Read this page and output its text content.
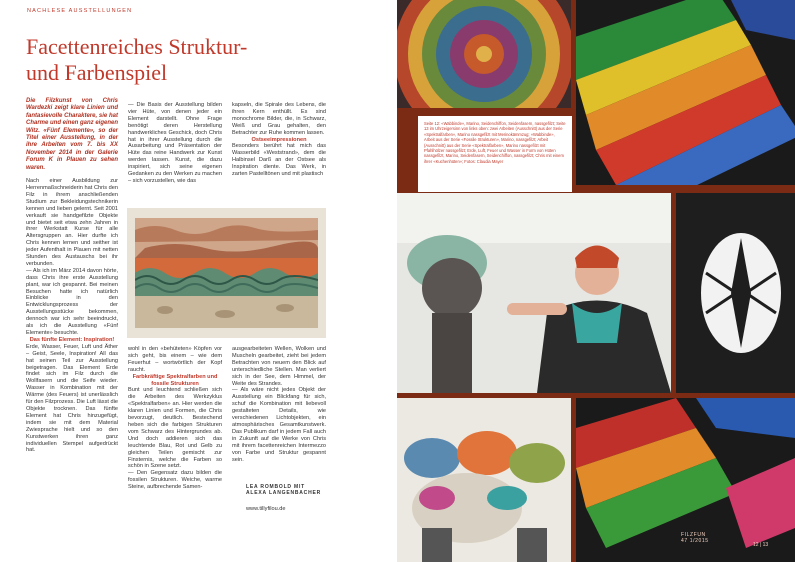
NACHLESE AUSSTELLUNGEN
Facettenreiches Struktur-
und Farbenspiel

Die Filzkunst von Chris Wardezki zeigt klare Linien und fantasievolle Charaktere, sie hat Charme und einen ganz eigenen Witz. «Fünf Elemente», so der Titel einer Ausstellung, in der ihre Arbeiten vom 7. bis XX November 2014 in der Galerie Forum K in Plauen zu sehen waren.

Nach einer Ausbildung zur Herrenmaßschneiderin hat Chris den Filz in ihrem anschließenden Studium zur Bekleidungstechnikerin kennen und lieben gelernt. Seit 2001 verkauft sie handgefilzte Objekte und bietet seit etwa zehn Jahren in ihrer Werkstatt Kurse für alle Altersgruppen an. Hier durfte ich Chris kennen lernen und seither ist jeder Aufenthalt in Plauen mit netten Stunden des Austauschs bei ihr verbunden.

— Als ich im März 2014 davon hörte, dass Chris ihre erste Ausstellung plant, war ich gespannt. Bei meinen Besuchen hatte ich natürlich Einblicke in den Entwicklungsprozess der Ausstellungsstücke bekommen, dennoch war ich sehr beeindruckt, als ich die Ausstellung «Fünf Elemente» besuchte.

Das fünfte Element: Inspiration!

Erde, Wasser, Feuer, Luft und Äther – Geist, Seele, Inspiration! All das hat seinen Teil zur Ausstellung beigetragen. Das Element Erde findet sich im Filz durch die Wollfasern und die Seife wieder. Wasser in Kombination mit der Wärme (des Feuers) ist unerlässlich für den Filzprozess. Die Luft lässt die Objekte trocknen. Das fünfte Element hat Chris hinzugefügt, indem sie mit dem Material Zwiesprache hielt und so den Kunstwerken ihren ganz individuellen Stempel aufgedrückt hat.

— Die Basis der Ausstellung bilden vier Hüte, von denen jeder ein Element darstellt. Ohne Frage benötigt deren Herstellung handwerkliches Geschick, doch Chris hat in ihrer Ausstellung durch die Ausarbeitung und Präsentation der Hüte das reine Handwerk zur Kunst werden lassen. Kunst, die dazu inspiriert, sich seine eigenen Gedanken zu den Werken zu machen – sich vorzustellen, wie das

kapseln, die Spirale des Lebens, die ihren Kern enthüllt. Es sind monochrome Bilder, die, in Schwarz, Weiß und Grau gehalten, den Betrachter zur Ruhe kommen lassen.

Ostseeimpressionen

Besonders berührt hat mich das Wasserbild «Weststrand», dem die Halbinsel Darß an der Ostsee als Inspiration diente. Das Werk, in zarten Pastelltönen und mit plastisch

wohl in den «behüteten» Köpfen vor sich geht, bis einem – wie dem Feuerhut – wortwörtlich der Kopf raucht.

Farbkräftige Spektralfarben und fossile Strukturen

Bunt und leuchtend schließen sich die Arbeiten des Werkzyklus «Spektralfarben» an. Hier werden die klaren Linien und Formen, die Chris bevorzugt, deutlich. Bestechend heben sich die farbigen Strukturen vom Schwarz des Hintergrundes ab. Und doch addieren sich das leuchtende Blau, Rot und Gelb zu gleichen Teilen gemischt zur Finsternis, welche die Farben so schön in Szene setzt.

— Den Gegensatz dazu bilden die fossilen Strukturen. Weiche, warme Steine, aufbrechende Samen-

ausgearbeiteten Wellen, Wolken und Muscheln gearbeitet, zieht bei jedem Betrachten von neuem den Blick auf unterschiedliche Stellen. Man verliert sich in der See, dem Himmel, der Weite des Strandes.

— Als wäre nicht jedes Objekt der Ausstellung ein Blickfang für sich, schuf die Kombination mit liebevoll gestalteten Details, wie verschiedenen Lichtobjekten, ein atmosphärisches Gesamtkunstwerk. Das Publikum darf in jedem Fall auch in Zukunft auf die Werke von Chris mit ihrem facettenreichen Intermezzo von Farbe und Struktur gespannt sein.

LEA ROMBOLD MIT
ALEXA LANGENBACHER
www.tillyfilou.de
Seite 12: «Wabbinde», Marino, Seidenchiffon, Seidenfasern, nassgefilzt; Seite 13 im Uhrzeigersinn von links oben: zwei Arbeiten (Ausschnitt) aus der Serie «Spektralfarben», Marino nassgefilzt mit Merinokämmzug; «Wabbinde», Arbeit aus der Serie «Fossile Strukturen», Marino, nassgefilzt; Arbeit (Ausschnitt) aus der Serie «Spektralfarben», Marino nassgefilzt mit Pfahlhölzer nassgefilzt; Erde, Luft, Feuer und Wasser in Form von Hüten nassgefilzt, Marino, Seidenfasern, Seidenchiffon, nassgefilzt; Chris mit einem ihrer «Kuchenhüten»; Fotos: Claudia Mayer
FILZFUN
47 1/2015
12 | 13
